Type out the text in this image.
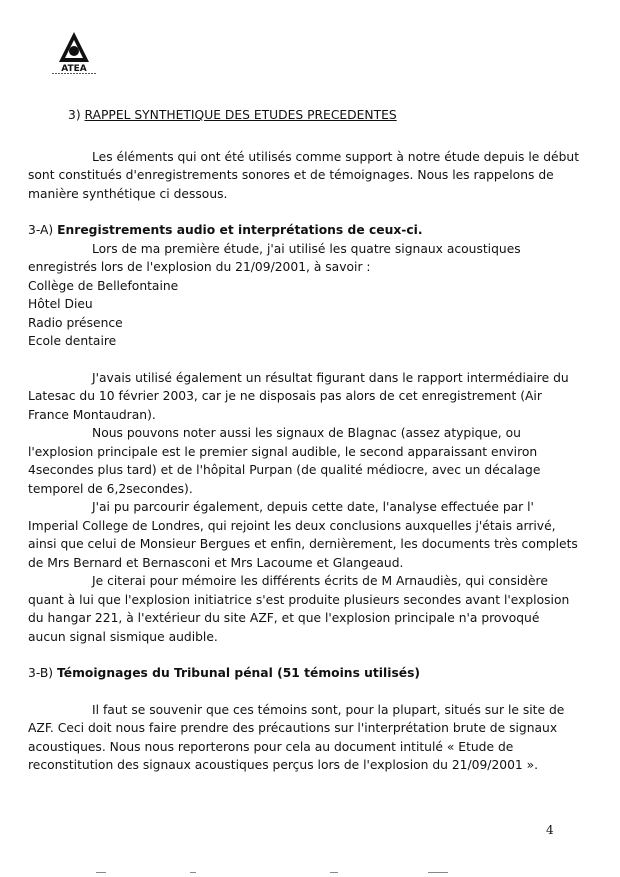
ATEA

3) RAPPEL SYNTHETIQUE DES ETUDES PRECEDENTES

Les éléments qui ont été utilisés comme support à notre étude depuis le début sont constitués d'enregistrements sonores et de témoignages. Nous les rappelons de manière synthétique ci dessous.

3-A) Enregistrements audio et interprétations de ceux-ci.

Lors de ma première étude, j'ai utilisé les quatre signaux acoustiques enregistrés lors de l'explosion du 21/09/2001, à savoir :

Collège de Bellefontaine

Hôtel Dieu

Radio présence

Ecole dentaire

J'avais utilisé également un résultat figurant dans le rapport intermédiaire du Latesac du 10 février 2003, car je ne disposais pas alors de cet enregistrement (Air France Montaudran).

Nous pouvons noter aussi les signaux de Blagnac (assez atypique, ou l'explosion principale est le premier signal audible, le second apparaissant environ 4secondes plus tard) et de l'hôpital Purpan (de qualité médiocre, avec un décalage temporel de 6,2secondes).

J'ai pu parcourir également, depuis cette date, l'analyse effectuée par l' Imperial College de Londres, qui rejoint les deux conclusions auxquelles j'étais arrivé, ainsi que celui de Monsieur Bergues et enfin, dernièrement, les documents très complets de Mrs Bernard et Bernasconi et Mrs Lacoume et Glangeaud.

Je citerai pour mémoire les différents écrits de M Arnaudiès, qui considère quant à lui que l'explosion initiatrice s'est produite plusieurs secondes avant l'explosion du hangar 221, à l'extérieur du site AZF, et que l'explosion principale n'a provoqué aucun signal sismique audible.

3-B) Témoignages du Tribunal pénal (51 témoins utilisés)

Il faut se souvenir que ces témoins sont, pour la plupart, situés sur le site de AZF. Ceci doit nous faire prendre des précautions sur l'interprétation brute de signaux acoustiques. Nous nous reporterons pour cela au document intitulé « Etude de reconstitution des signaux acoustiques perçus lors de l'explosion du 21/09/2001 ».

4
